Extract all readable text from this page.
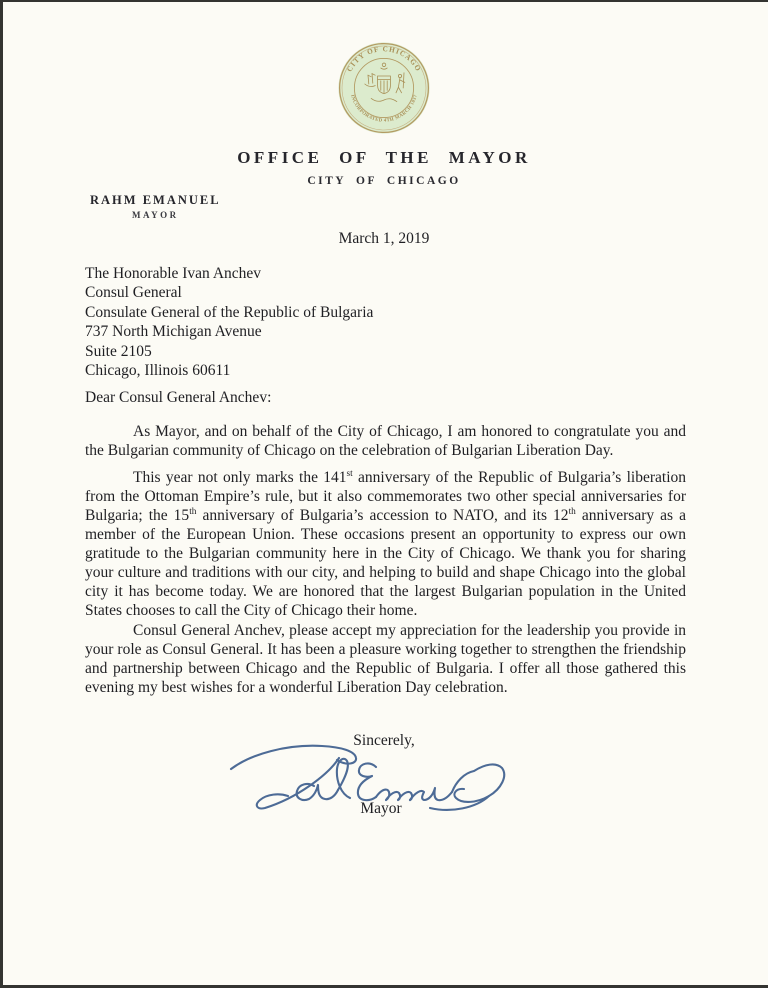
CITY OF CHICAGO
INCORPORATED 4TH MARCH 1837
OFFICE OF THE MAYOR
CITY OF CHICAGO
RAHM EMANUEL
MAYOR
March 1, 2019
The Honorable Ivan Anchev
Consul General
Consulate General of the Republic of Bulgaria
737 North Michigan Avenue
Suite 2105
Chicago, Illinois 60611
Dear Consul General Anchev:

As Mayor, and on behalf of the City of Chicago, I am honored to congratulate you and the Bulgarian community of Chicago on the celebration of Bulgarian Liberation Day.

This year not only marks the 141st anniversary of the Republic of Bulgaria’s liberation from the Ottoman Empire’s rule, but it also commemorates two other special anniversaries for Bulgaria; the 15th anniversary of Bulgaria’s accession to NATO, and its 12th anniversary as a member of the European Union. These occasions present an opportunity to express our own gratitude to the Bulgarian community here in the City of Chicago. We thank you for sharing your culture and traditions with our city, and helping to build and shape Chicago into the global city it has become today. We are honored that the largest Bulgarian population in the United States chooses to call the City of Chicago their home.

Consul General Anchev, please accept my appreciation for the leadership you provide in your role as Consul General. It has been a pleasure working together to strengthen the friendship and partnership between Chicago and the Republic of Bulgaria. I offer all those gathered this evening my best wishes for a wonderful Liberation Day celebration.

Sincerely,
Mayor
